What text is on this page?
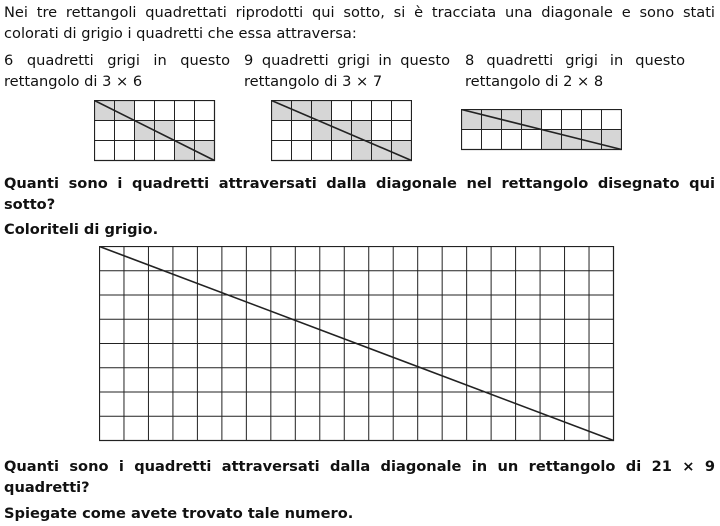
Nei tre rettangoli quadrettati riprodotti qui sotto, si è tracciata una diagonale e sono stati
colorati di grigio i quadretti che essa attraversa:
6 quadretti grigi in questo
rettangolo di 3 × 6
9 quadretti grigi in questo
rettangolo di 3 × 7
8 quadretti grigi in questo
rettangolo di 2 × 8
Quanti sono i quadretti attraversati dalla diagonale nel rettangolo disegnato qui
sotto?
Coloriteli di grigio.
Quanti sono i quadretti attraversati dalla diagonale in un rettangolo di 21 × 9
quadretti?
Spiegate come avete trovato tale numero.
